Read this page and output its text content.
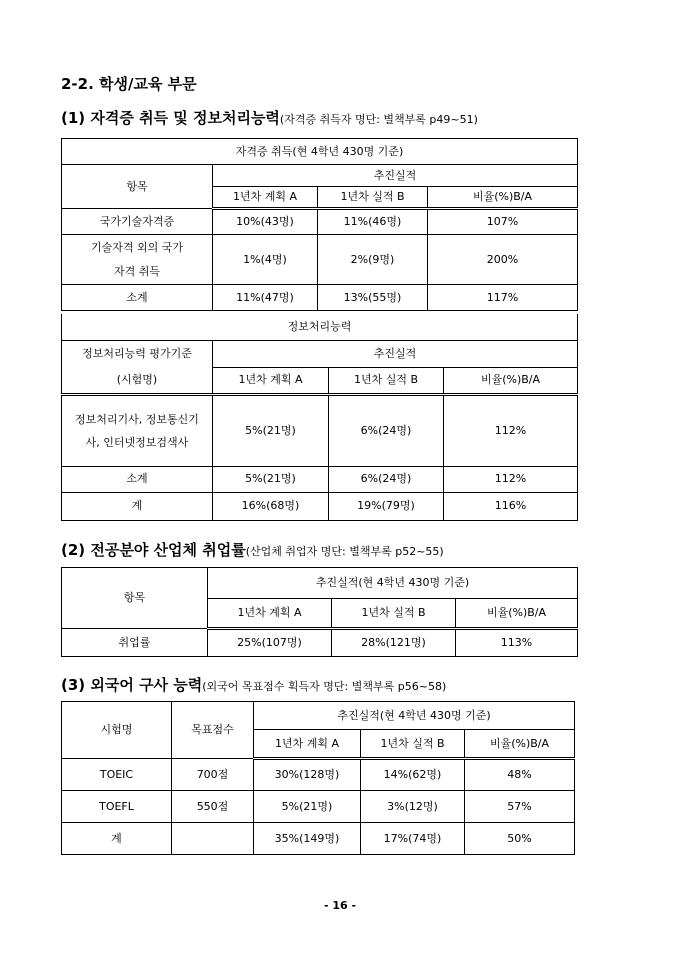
2-2. 학생/교육 부문
(1) 자격증 취득 및 정보처리능력(자격증 취득자 명단: 별책부록 p49~51)
자격증 취득(현 4학년 430명 기준)			
항목	추진실적		
	1년차 계획 A	1년차 실적 B	비율(%)B/A
국가기술자격증	10%(43명)	11%(46명)	107%

기술자격 외의 국가자격 취득	1%(4명)	2%(9명)	200%
소계	11%(47명)	13%(55명)	117%
정보처리능력			
정보처리능력 평가기준	추진실적		
(시험명)	1년차 계획 A	1년차 실적 B	비율(%)B/A

정보처리기사, 정보통신기사, 인터넷정보검색사	5%(21명)	6%(24명)	112%
소계	5%(21명)	6%(24명)	112%
계	16%(68명)	19%(79명)	116%
(2) 전공분야 산업체 취업률(산업체 취업자 명단: 별책부록 p52~55)
항목	추진실적(현 4학년 430명 기준)		
	1년차 계획 A	1년차 실적 B	비율(%)B/A
취업률	25%(107명)	28%(121명)	113%
(3) 외국어 구사 능력(외국어 목표점수 획득자 명단: 별책부록 p56~58)
시험명	목표점수	추진실적(현 4학년 430명 기준)		
		1년차 계획 A	1년차 실적 B	비율(%)B/A
TOEIC	700점	30%(128명)	14%(62명)	48%
TOEFL	550점	5%(21명)	3%(12명)	57%
계		35%(149명)	17%(74명)	50%
- 16 -
